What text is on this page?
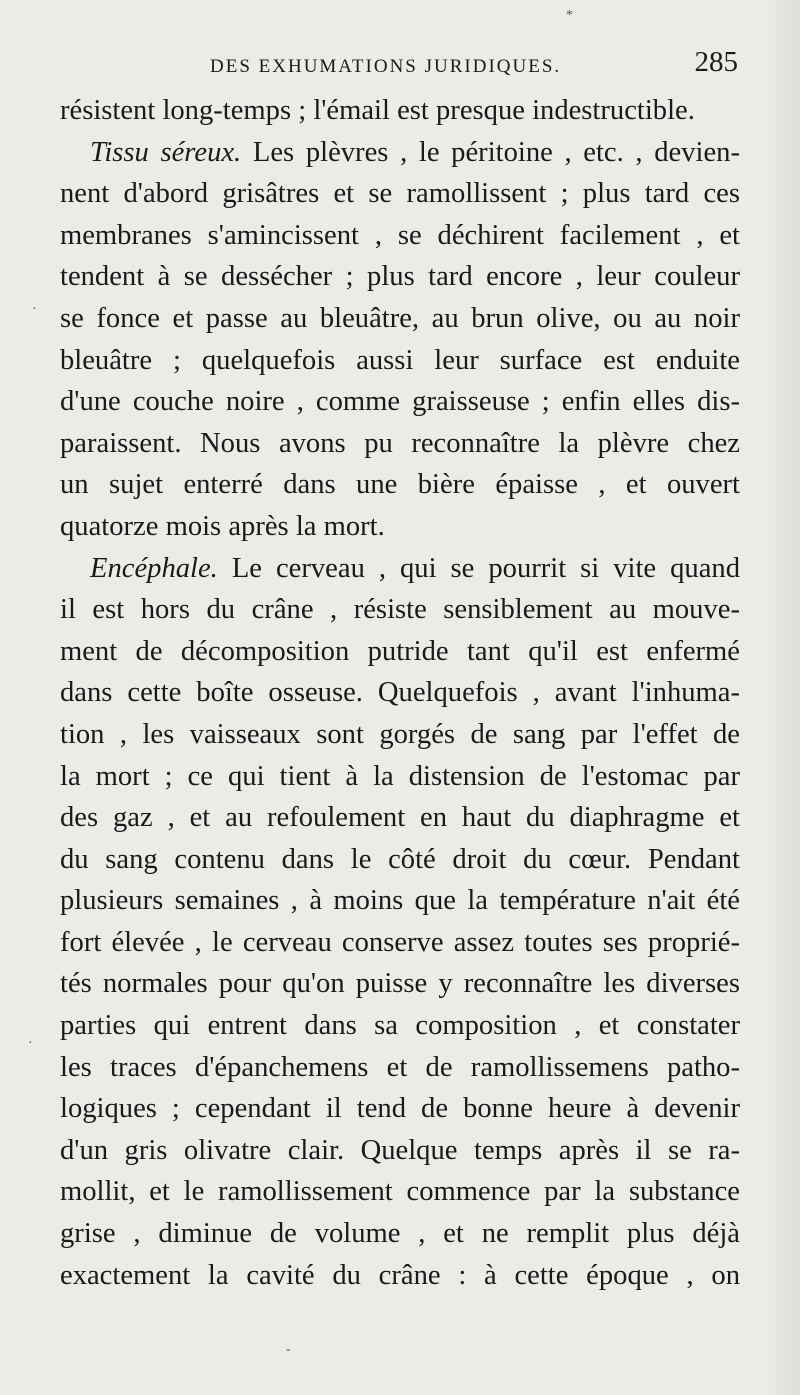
*
·
·
-
DES EXHUMATIONS JURIDIQUES.	285
résistent long-temps ; l'émail est presque indestructible.
Tissu séreux. Les plèvres , le péritoine , etc. , devien-
nent d'abord grisâtres et se ramollissent ; plus tard ces
membranes s'amincissent , se déchirent facilement , et
tendent à se dessécher ; plus tard encore , leur couleur
se fonce et passe au bleuâtre, au brun olive, ou au noir
bleuâtre ; quelquefois aussi leur surface est enduite
d'une couche noire , comme graisseuse ; enfin elles dis-
paraissent. Nous avons pu reconnaître la plèvre chez
un sujet enterré dans une bière épaisse , et ouvert
quatorze mois après la mort.
Encéphale. Le cerveau , qui se pourrit si vite quand
il est hors du crâne , résiste sensiblement au mouve-
ment de décomposition putride tant qu'il est enfermé
dans cette boîte osseuse. Quelquefois , avant l'inhuma-
tion , les vaisseaux sont gorgés de sang par l'effet de
la mort ; ce qui tient à la distension de l'estomac par
des gaz , et au refoulement en haut du diaphragme et
du sang contenu dans le côté droit du cœur. Pendant
plusieurs semaines , à moins que la température n'ait été
fort élevée , le cerveau conserve assez toutes ses proprié-
tés normales pour qu'on puisse y reconnaître les diverses
parties qui entrent dans sa composition , et constater
les traces d'épanchemens et de ramollissemens patho-
logiques ; cependant il tend de bonne heure à devenir
d'un gris olivatre clair. Quelque temps après il se ra-
mollit, et le ramollissement commence par la substance
grise , diminue de volume , et ne remplit plus déjà
exactement la cavité du crâne : à cette époque , on
